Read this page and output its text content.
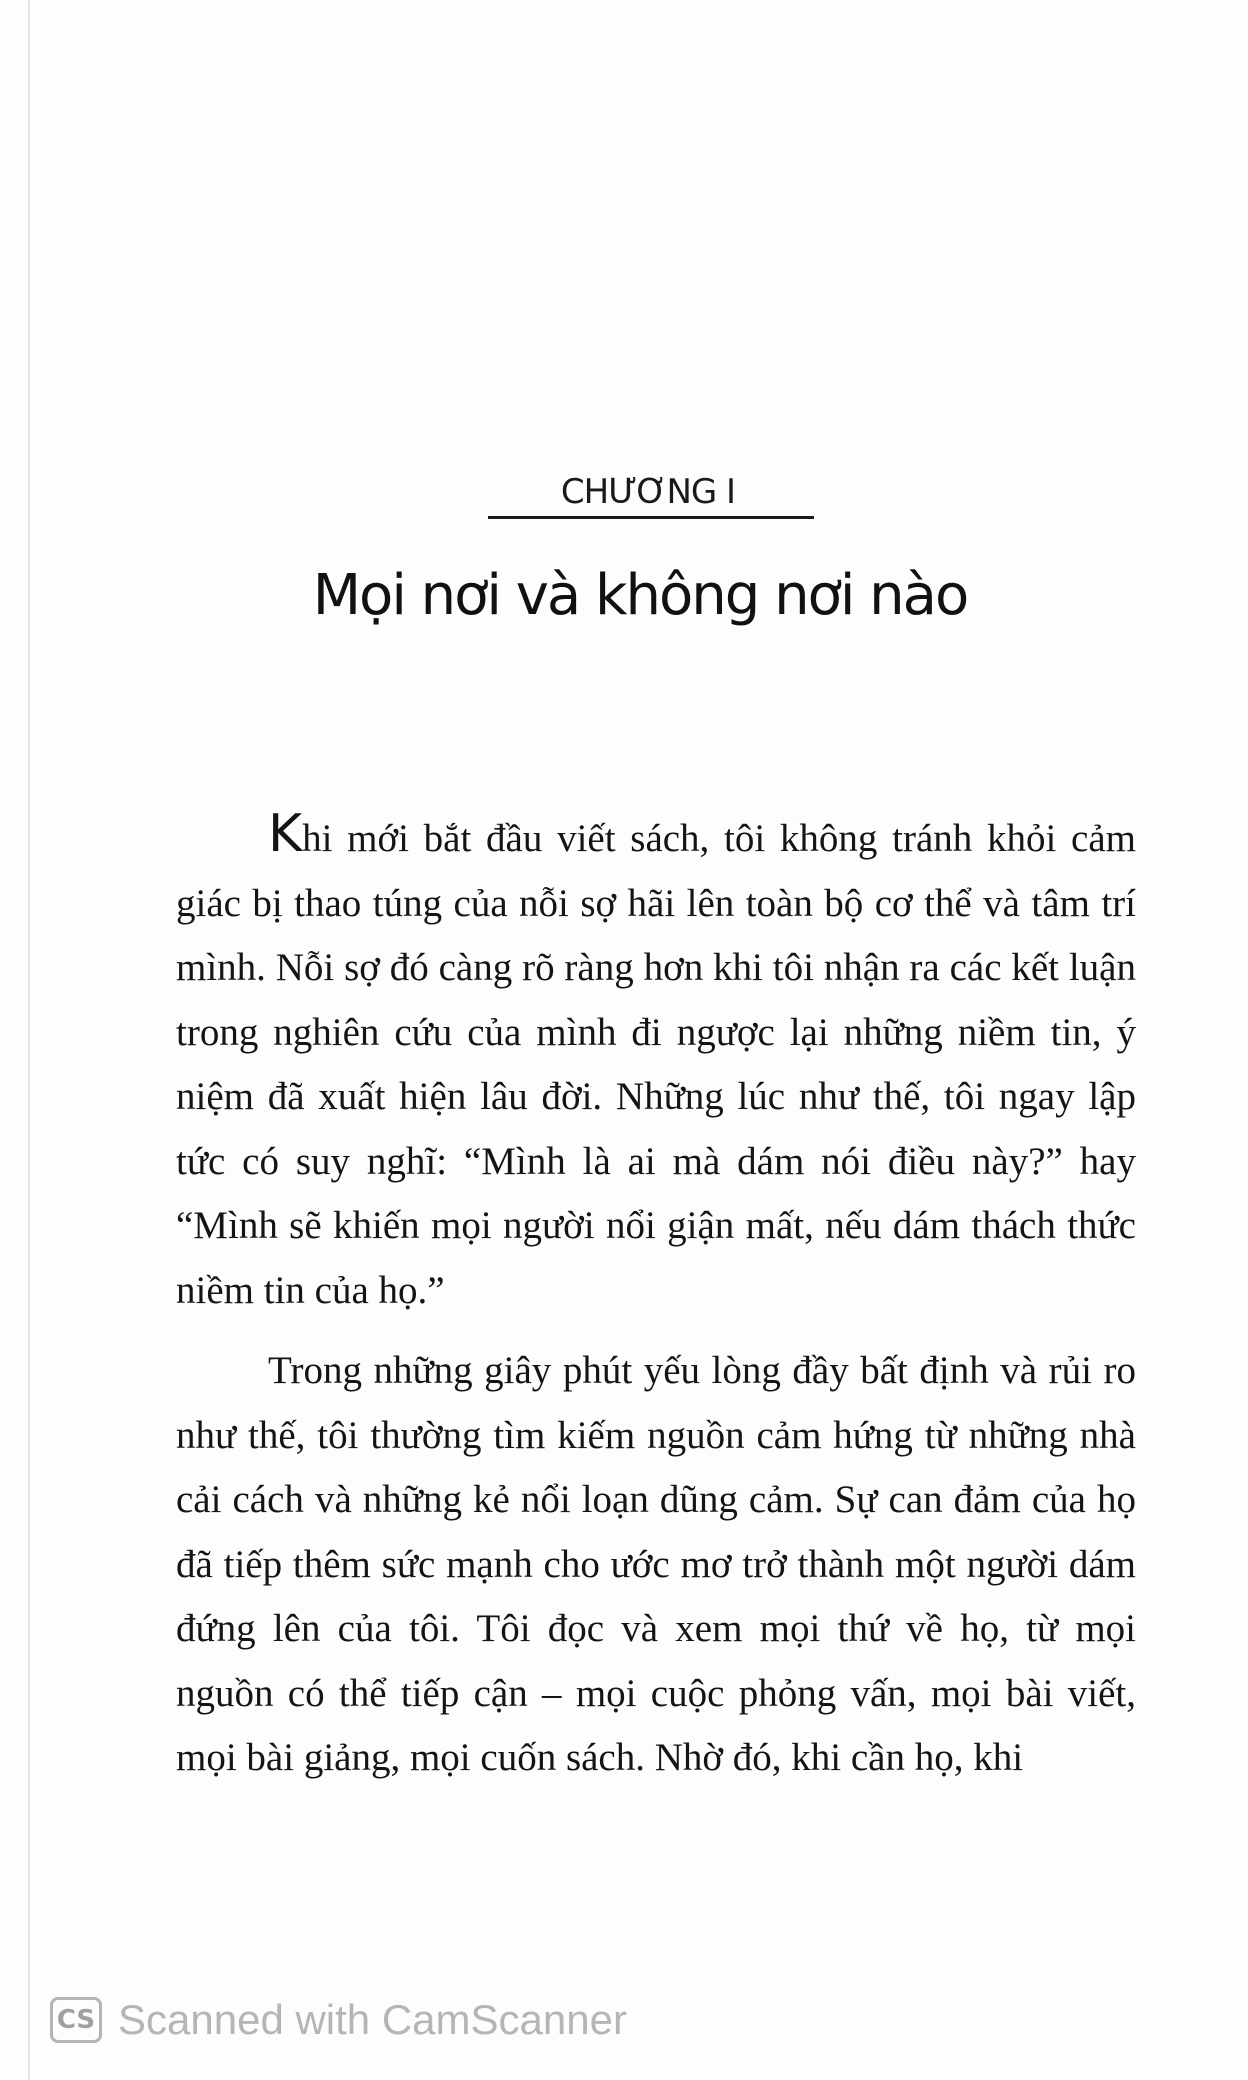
CHƯƠNG I
Mọi nơi và không nơi nào

Khi mới bắt đầu viết sách, tôi không tránh khỏi cảm giác bị thao túng của nỗi sợ hãi lên toàn bộ cơ thể và tâm trí mình. Nỗi sợ đó càng rõ ràng hơn khi tôi nhận ra các kết luận trong nghiên cứu của mình đi ngược lại những niềm tin, ý niệm đã xuất hiện lâu đời. Những lúc như thế, tôi ngay lập tức có suy nghĩ: “Mình là ai mà dám nói điều này?” hay “Mình sẽ khiến mọi người nổi giận mất, nếu dám thách thức niềm tin của họ.”

Trong những giây phút yếu lòng đầy bất định và rủi ro như thế, tôi thường tìm kiếm nguồn cảm hứng từ những nhà cải cách và những kẻ nổi loạn dũng cảm. Sự can đảm của họ đã tiếp thêm sức mạnh cho ước mơ trở thành một người dám đứng lên của tôi. Tôi đọc và xem mọi thứ về họ, từ mọi nguồn có thể tiếp cận – mọi cuộc phỏng vấn, mọi bài viết, mọi bài giảng, mọi cuốn sách. Nhờ đó, khi cần họ, khi

CS Scanned with CamScanner
